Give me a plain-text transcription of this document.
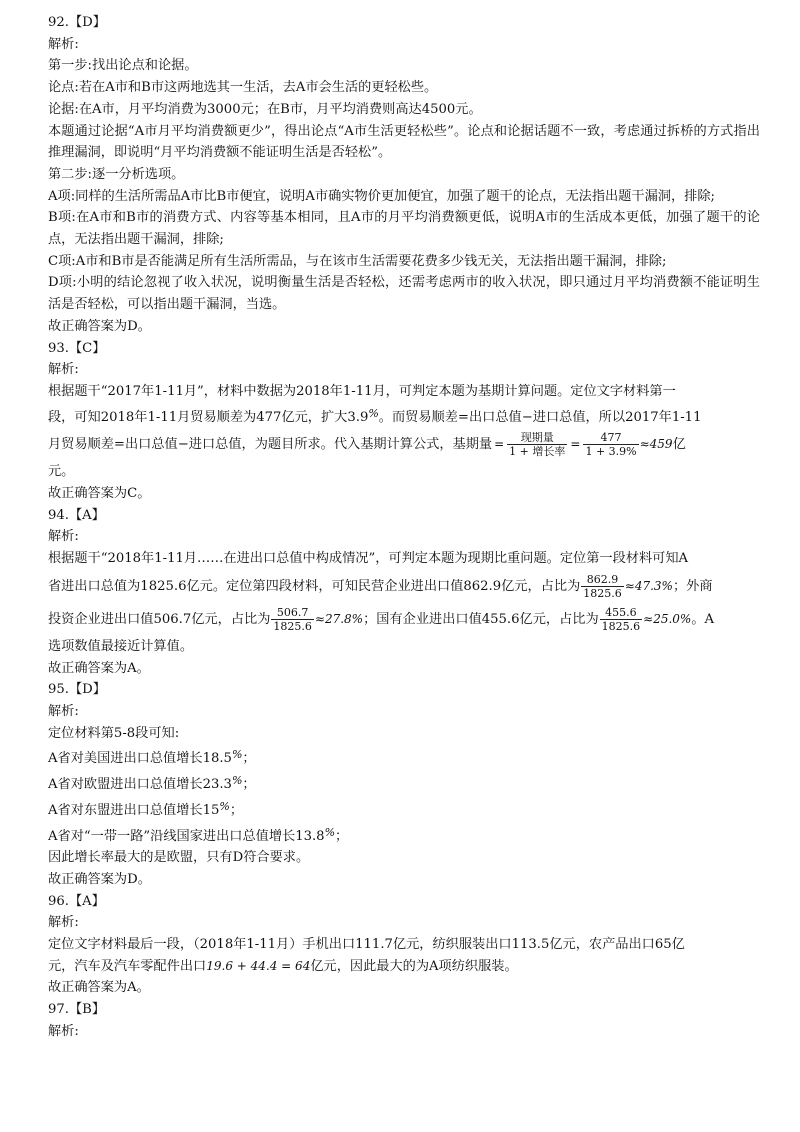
92.【D】
解析:
第一步:找出论点和论据。
论点:若在A市和B市这两地选其一生活，去A市会生活的更轻松些。
论据:在A市，月平均消费为3000元；在B市，月平均消费则高达4500元。
本题通过论据“A市月平均消费额更少”，得出论点“A市生活更轻松些”。论点和论据话题不一致，考虑通过拆桥的方式指出推理漏洞，即说明“月平均消费额不能证明生活是否轻松”。
第二步:逐一分析选项。
A项:同样的生活所需品A市比B市便宜，说明A市确实物价更加便宜，加强了题干的论点，无法指出题干漏洞，排除;
B项:在A市和B市的消费方式、内容等基本相同，且A市的月平均消费额更低，说明A市的生活成本更低，加强了题干的论点，无法指出题干漏洞，排除;
C项:A市和B市是否能满足所有生活所需品，与在该市生活需要花费多少钱无关，无法指出题干漏洞，排除;
D项:小明的结论忽视了收入状况，说明衡量生活是否轻松，还需考虑两市的收入状况，即只通过月平均消费额不能证明生活是否轻松，可以指出题干漏洞，当选。
故正确答案为D。
93.【C】
解析:
根据题干“2017年1-11月”，材料中数据为2018年1-11月，可判定本题为基期计算问题。定位文字材料第一
段，可知2018年1-11月贸易顺差为477亿元，扩大3.9%。而贸易顺差=出口总值−进口总值，所以2017年1-11
月贸易顺差=出口总值−进口总值，为题目所求。代入基期计算公式，基期量 = $\frac{\text{现期量}}{\text{1 + 增长率}} = \frac{477}{1 + 3.9\%} \approx 459$亿
元。
故正确答案为C。
94.【A】
解析:
根据题干“2018年1-11月……在进出口总值中构成情况”，可判定本题为现期比重问题。定位第一段材料可知A
省进出口总值为1825.6亿元。定位第四段材料，可知民营企业进出口值862.9亿元，占比为 $\frac{862.9}{1825.6} \approx 47.3\%$；外商
投资企业进出口值506.7亿元，占比为 $\frac{506.7}{1825.6} \approx 27.8\%$；国有企业进出口值455.6亿元，占比为 $\frac{455.6}{1825.6} \approx 25.0\%$。A
选项数值最接近计算值。
故正确答案为A。
95.【D】
解析:
定位材料第5-8段可知:
A省对美国进出口总值增长18.5%；
A省对欧盟进出口总值增长23.3%；
A省对东盟进出口总值增长15%；
A省对“一带一路”沿线国家进出口总值增长13.8%；
因此增长率最大的是欧盟，只有D符合要求。
故正确答案为D。
96.【A】
解析:
定位文字材料最后一段，（2018年1-11月）手机出口111.7亿元，纺织服装出口113.5亿元，农产品出口65亿
元，汽车及汽车零配件出口19.6 + 44.4 = 64亿元，因此最大的为A项纺织服装。
故正确答案为A。
97.【B】
解析:
